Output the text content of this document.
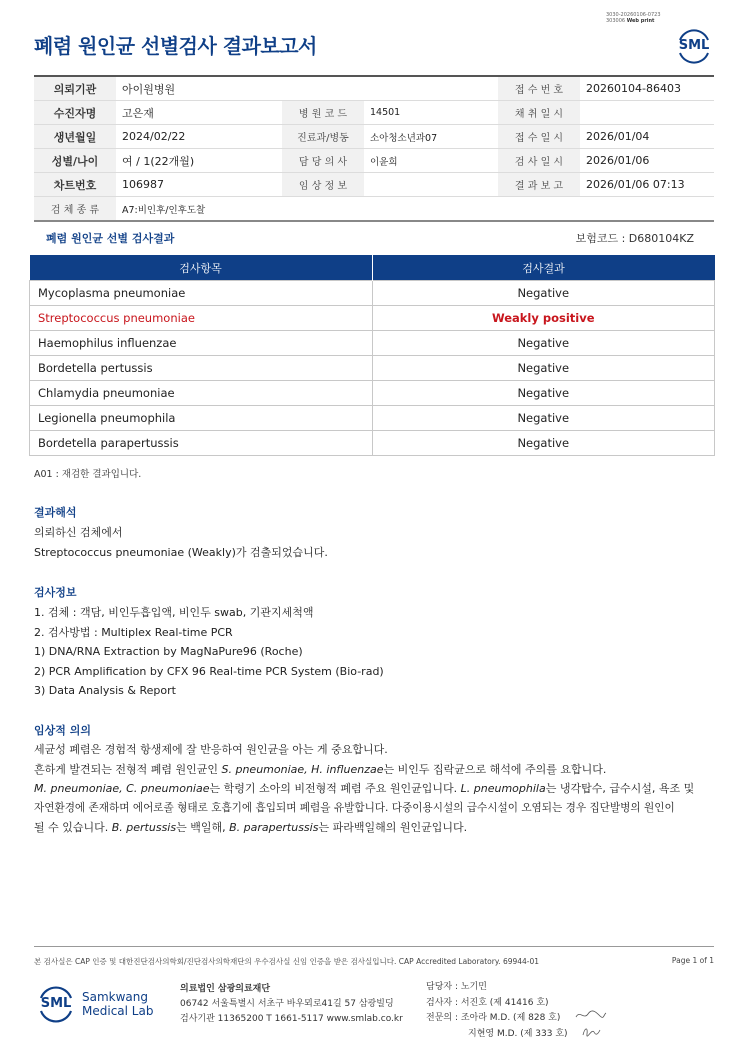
폐렴 원인균 선별검사 결과보고서
3030-20260106-0723
303006 Web print
SML
의뢰기관	아이원병원			접 수 번 호	20260104-86403
수진자명	고은재	병 원 코 드	14501	채 취 일 시	
생년월일	2024/02/22	진료과/병동	소아청소년과07	접 수 일 시	2026/01/04
성별/나이	여 / 1(22개월)	담 당 의 사	이윤희	검 사 일 시	2026/01/06
차트번호	106987	임 상 정 보		결 과 보 고	2026/01/06 07:13
검 체 종 류	A7:비인후/인후도찰				
폐렴 원인균 선별 검사결과	보험코드 : D680104KZ
검사항목	검사결과
Mycoplasma pneumoniae	Negative
Streptococcus pneumoniae	Weakly positive
Haemophilus influenzae	Negative
Bordetella pertussis	Negative
Chlamydia pneumoniae	Negative
Legionella pneumophila	Negative
Bordetella parapertussis	Negative
A01 : 재검한 결과입니다.
결과해석
의뢰하신 검체에서
Streptococcus pneumoniae (Weakly)가 검출되었습니다.
검사정보
1. 검체 : 객담, 비인두흡입액, 비인두 swab, 기관지세척액
2. 검사방법 : Multiplex Real-time PCR
1) DNA/RNA Extraction by MagNaPure96 (Roche)
2) PCR Amplification by CFX 96 Real-time PCR System (Bio-rad)
3) Data Analysis & Report
임상적 의의
세균성 폐렴은 경험적 항생제에 잘 반응하여 원인균을 아는 게 중요합니다.
흔하게 발견되는 전형적 폐렴 원인균인 S. pneumoniae, H. influenzae는 비인두 집락균으로 해석에 주의를 요합니다.
M. pneumoniae, C. pneumoniae는 학령기 소아의 비전형적 폐렴 주요 원인균입니다. L. pneumophila는 냉각탑수, 급수시설, 욕조 및
자연환경에 존재하며 에어로졸 형태로 호흡기에 흡입되며 폐렴을 유발합니다. 다중이용시설의 급수시설이 오염되는 경우 집단발병의 원인이
될 수 있습니다. B. pertussis는 백일해, B. parapertussis는 파라백일해의 원인균입니다.
본 검사실은 CAP 인증 및 대한진단검사의학회/진단검사의학재단의 우수검사실 신임 인증을 받은 검사실입니다. CAP Accredited Laboratory. 69944-01	Page 1 of 1
SML Samkwang
Medical Lab
의료법인 삼광의료재단
06742 서울특별시 서초구 바우뫼로41길 57 삼광빌딩
검사기관 11365200 T 1661-5117 www.smlab.co.kr
담당자 : 노기민
검사자 : 서진호 (제 41416 호)
전문의 : 조아라 M.D. (제 828 호)
지현영 M.D. (제 333 호)
